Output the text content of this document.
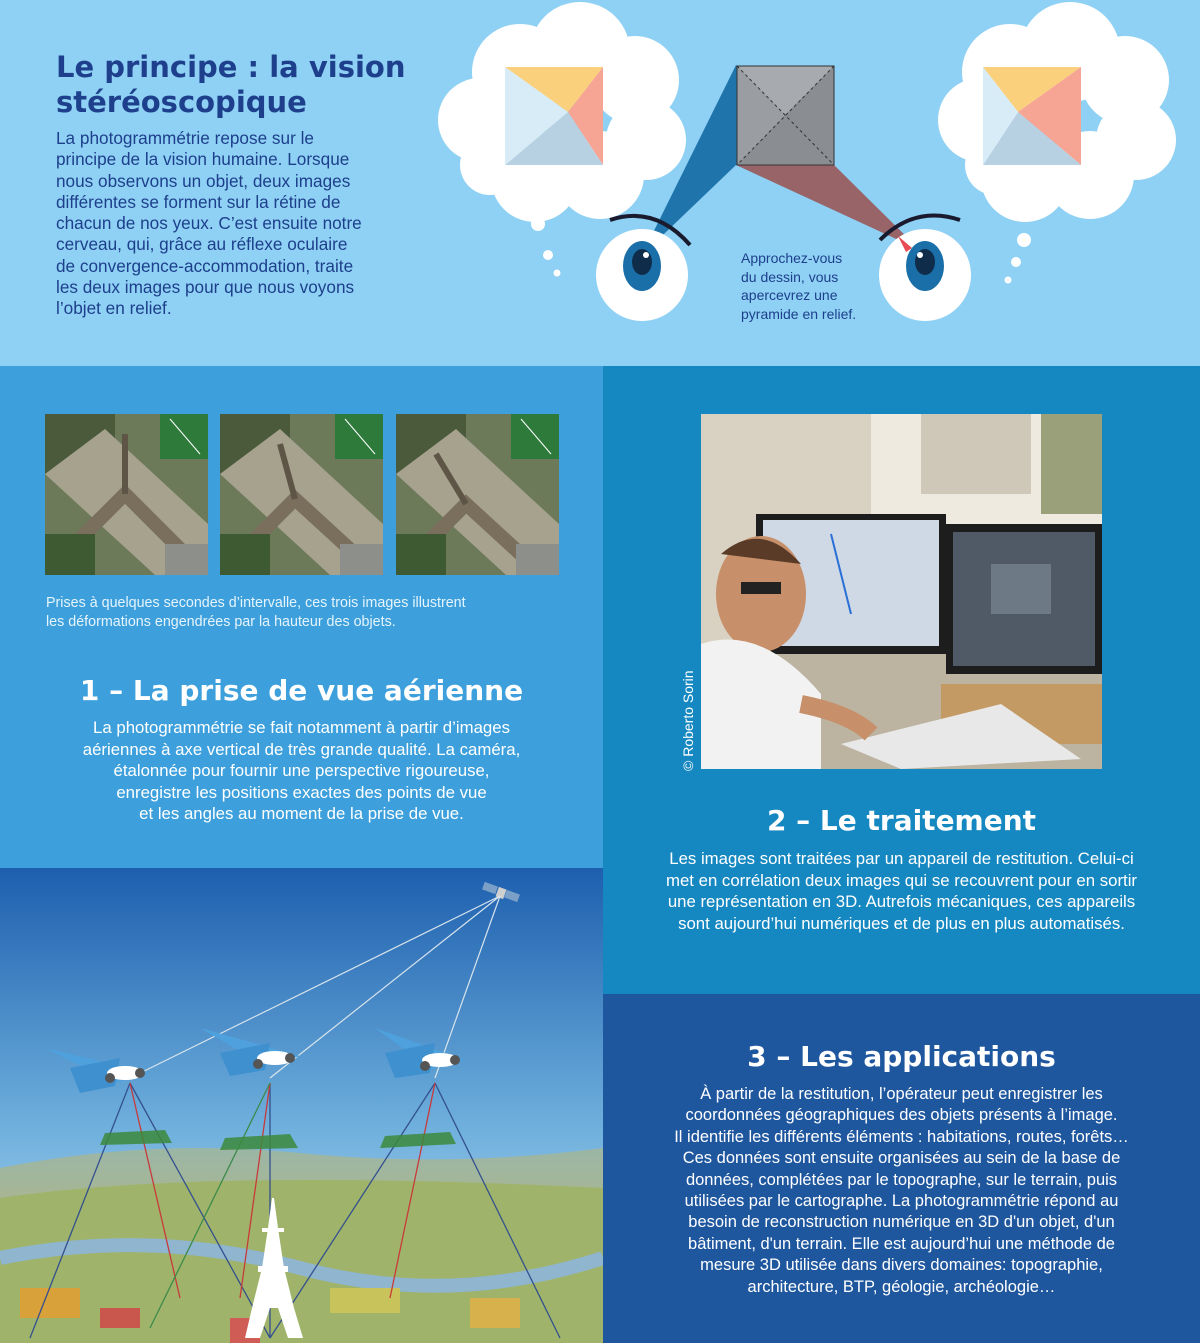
Le principe : la vision
stéréoscopique
La photogrammétrie repose sur le
principe de la vision humaine. Lorsque
nous observons un objet, deux images
différentes se forment sur la rétine de
chacun de nos yeux. C’est ensuite notre
cerveau, qui, grâce au réflexe oculaire
de convergence-accommodation, traite
les deux images pour que nous voyons
l’objet en relief.
Approchez-vous
du dessin, vous
apercevrez une
pyramide en relief.
Prises à quelques secondes d’intervalle, ces trois images illustrent
les déformations engendrées par la hauteur des objets.
1 – La prise de vue aérienne
La photogrammétrie se fait notamment à partir d’images
aériennes à axe vertical de très grande qualité. La caméra,
étalonnée pour fournir une perspective rigoureuse,
enregistre les positions exactes des points de vue
et les angles au moment de la prise de vue.
© Roberto Sorin
2 – Le traitement
Les images sont traitées par un appareil de restitution. Celui-ci
met en corrélation deux images qui se recouvrent pour en sortir
une représentation en 3D. Autrefois mécaniques, ces appareils
sont aujourd’hui numériques et de plus en plus automatisés.
3 – Les applications
À partir de la restitution, l’opérateur peut enregistrer les
coordonnées géographiques des objets présents à l’image.
Il identifie les différents éléments : habitations, routes, forêts…
Ces données sont ensuite organisées au sein de la base de
données, complétées par le topographe, sur le terrain, puis
utilisées par le cartographe. La photogrammétrie répond au
besoin de reconstruction numérique en 3D d'un objet, d'un
bâtiment, d'un terrain. Elle est aujourd’hui une méthode de
mesure 3D utilisée dans divers domaines: topographie,
architecture, BTP, géologie, archéologie…
